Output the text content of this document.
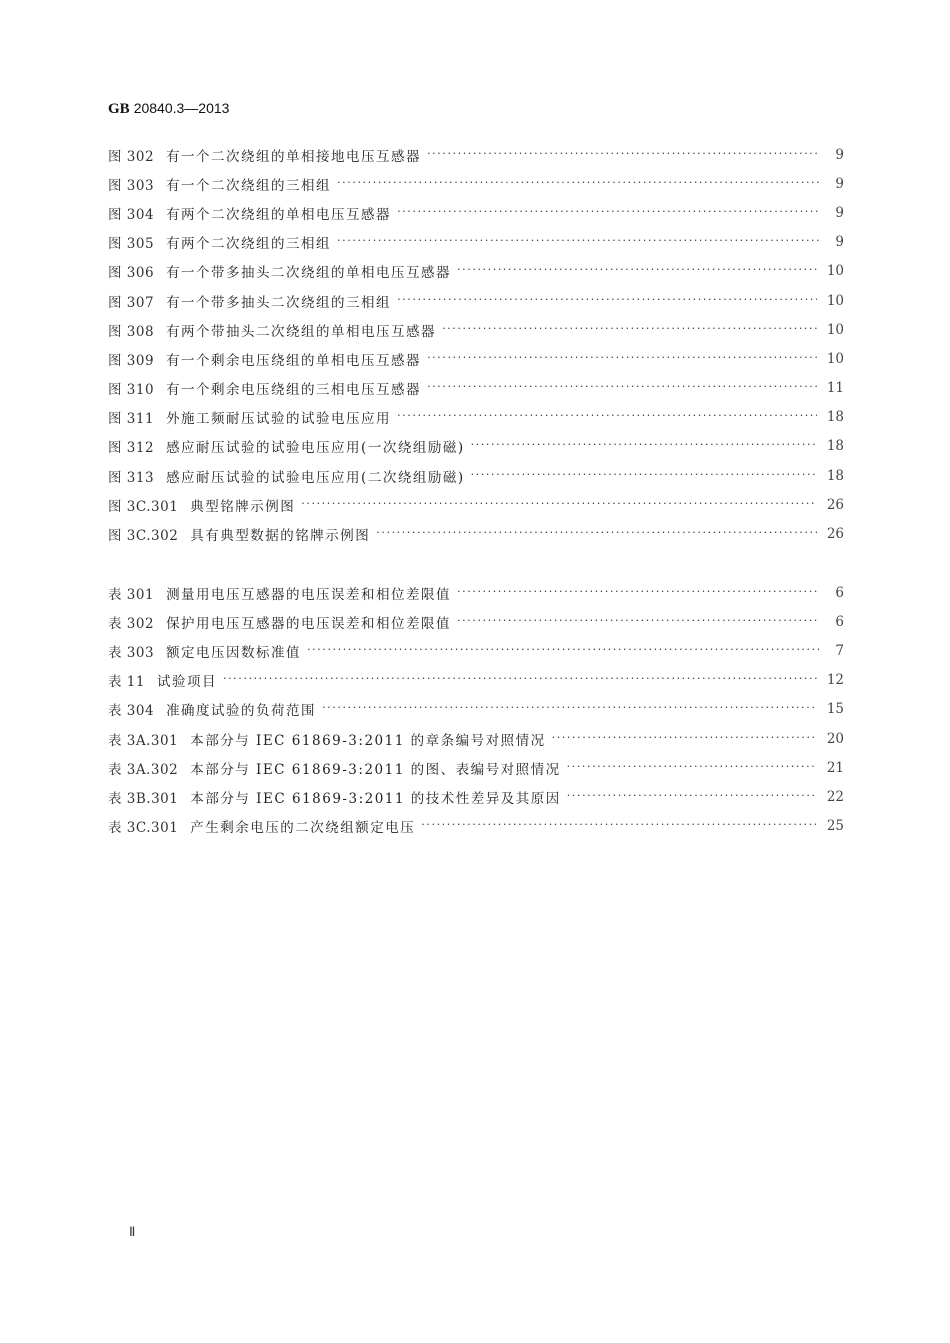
GB 20840.3—2013
图 302 有一个二次绕组的单相接地电压互感器 ·····	9
图 303 有一个二次绕组的三相组 ·····	9
图 304 有两个二次绕组的单相电压互感器 ·····	9
图 305 有两个二次绕组的三相组 ·····	9
图 306 有一个带多抽头二次绕组的单相电压互感器 ·····	10
图 307 有一个带多抽头二次绕组的三相组 ·····	10
图 308 有两个带抽头二次绕组的单相电压互感器 ·····	10
图 309 有一个剩余电压绕组的单相电压互感器 ·····	10
图 310 有一个剩余电压绕组的三相电压互感器 ·····	11
图 311 外施工频耐压试验的试验电压应用 ·····	18
图 312 感应耐压试验的试验电压应用(一次绕组励磁) ·····	18
图 313 感应耐压试验的试验电压应用(二次绕组励磁) ·····	18
图 3C.301 典型铭牌示例图 ·····	26
图 3C.302 具有典型数据的铭牌示例图 ·····	26
表 301 测量用电压互感器的电压误差和相位差限值 ·····	6
表 302 保护用电压互感器的电压误差和相位差限值 ·····	6
表 303 额定电压因数标准值 ·····	7
表 11 试验项目 ·····	12
表 304 准确度试验的负荷范围 ·····	15
表 3A.301 本部分与 IEC 61869-3:2011 的章条编号对照情况 ·····	20
表 3A.302 本部分与 IEC 61869-3:2011 的图、表编号对照情况 ·····	21
表 3B.301 本部分与 IEC 61869-3:2011 的技术性差异及其原因 ·····	22
表 3C.301 产生剩余电压的二次绕组额定电压 ·····	25
Ⅱ
